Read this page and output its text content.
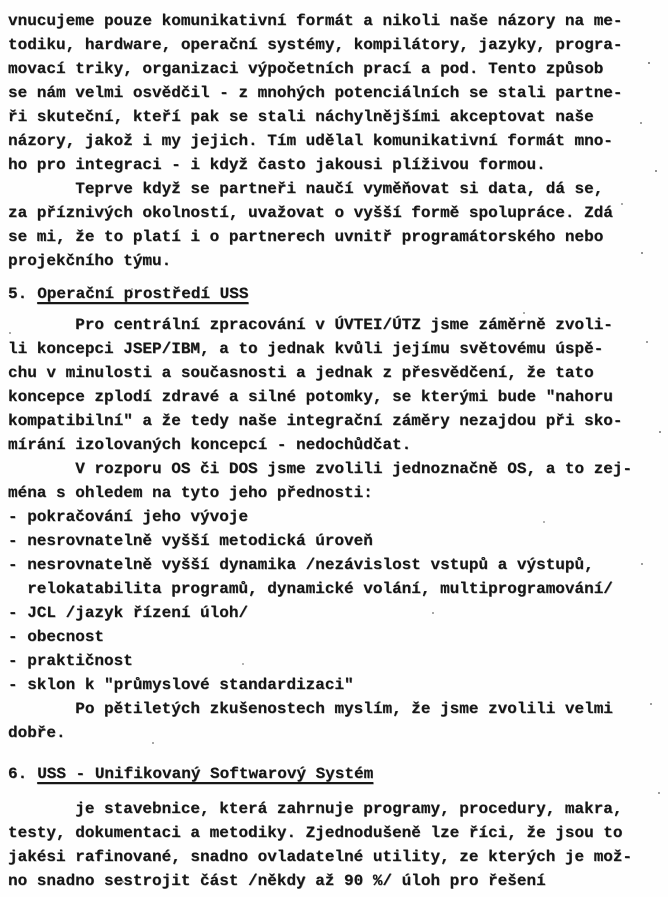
vnucujeme pouze komunikativní formát a nikoli naše názory na me-
todiku, hardware, operační systémy, kompilátory, jazyky, progra-
movací triky, organizaci výpočetních prací a pod. Tento způsob
se nám velmi osvědčil - z mnohých potenciálních se stali partne-
ři skuteční, kteří pak se stali náchylnějšími akceptovat naše
názory, jakož i my jejich. Tím udělal komunikativní formát mno-
ho pro integraci - i když často jakousi plíživou formou.
Teprve když se partneři naučí vyměňovat si data, dá se,
za příznivých okolností, uvažovat o vyšší formě spolupráce. Zdá
se mi, že to platí i o partnerech uvnitř programátorského nebo
projekčního týmu.
5. Operační prostředí USS
Pro centrální zpracování v ÚVTEI/ÚTZ jsme záměrně zvoli-
li koncepci JSEP/IBM, a to jednak kvůli jejímu světovému úspě-
chu v minulosti a současnosti a jednak z přesvědčení, že tato
koncepce zplodí zdravé a silné potomky, se kterými bude "nahoru
kompatibilní" a že tedy naše integrační záměry nezajdou při sko-
mírání izolovaných koncepcí - nedochůdčat.
V rozporu OS či DOS jsme zvolili jednoznačně OS, a to zej-
ména s ohledem na tyto jeho přednosti:
- pokračování jeho vývoje
- nesrovnatelně vyšší metodická úroveň
- nesrovnatelně vyšší dynamika /nezávislost vstupů a výstupů,
relokatabilita programů, dynamické volání, multiprogramování/
- JCL /jazyk řízení úloh/
- obecnost
- praktičnost
- sklon k "průmyslové standardizaci"
Po pětiletých zkušenostech myslím, že jsme zvolili velmi
dobře.
6. USS - Unifikovaný Softwarový Systém
je stavebnice, která zahrnuje programy, procedury, makra,
testy, dokumentaci a metodiky. Zjednodušeně lze říci, že jsou to
jakési rafinované, snadno ovladatelné utility, ze kterých je mož-
no snadno sestrojit část /někdy až 90 %/ úloh pro řešení
